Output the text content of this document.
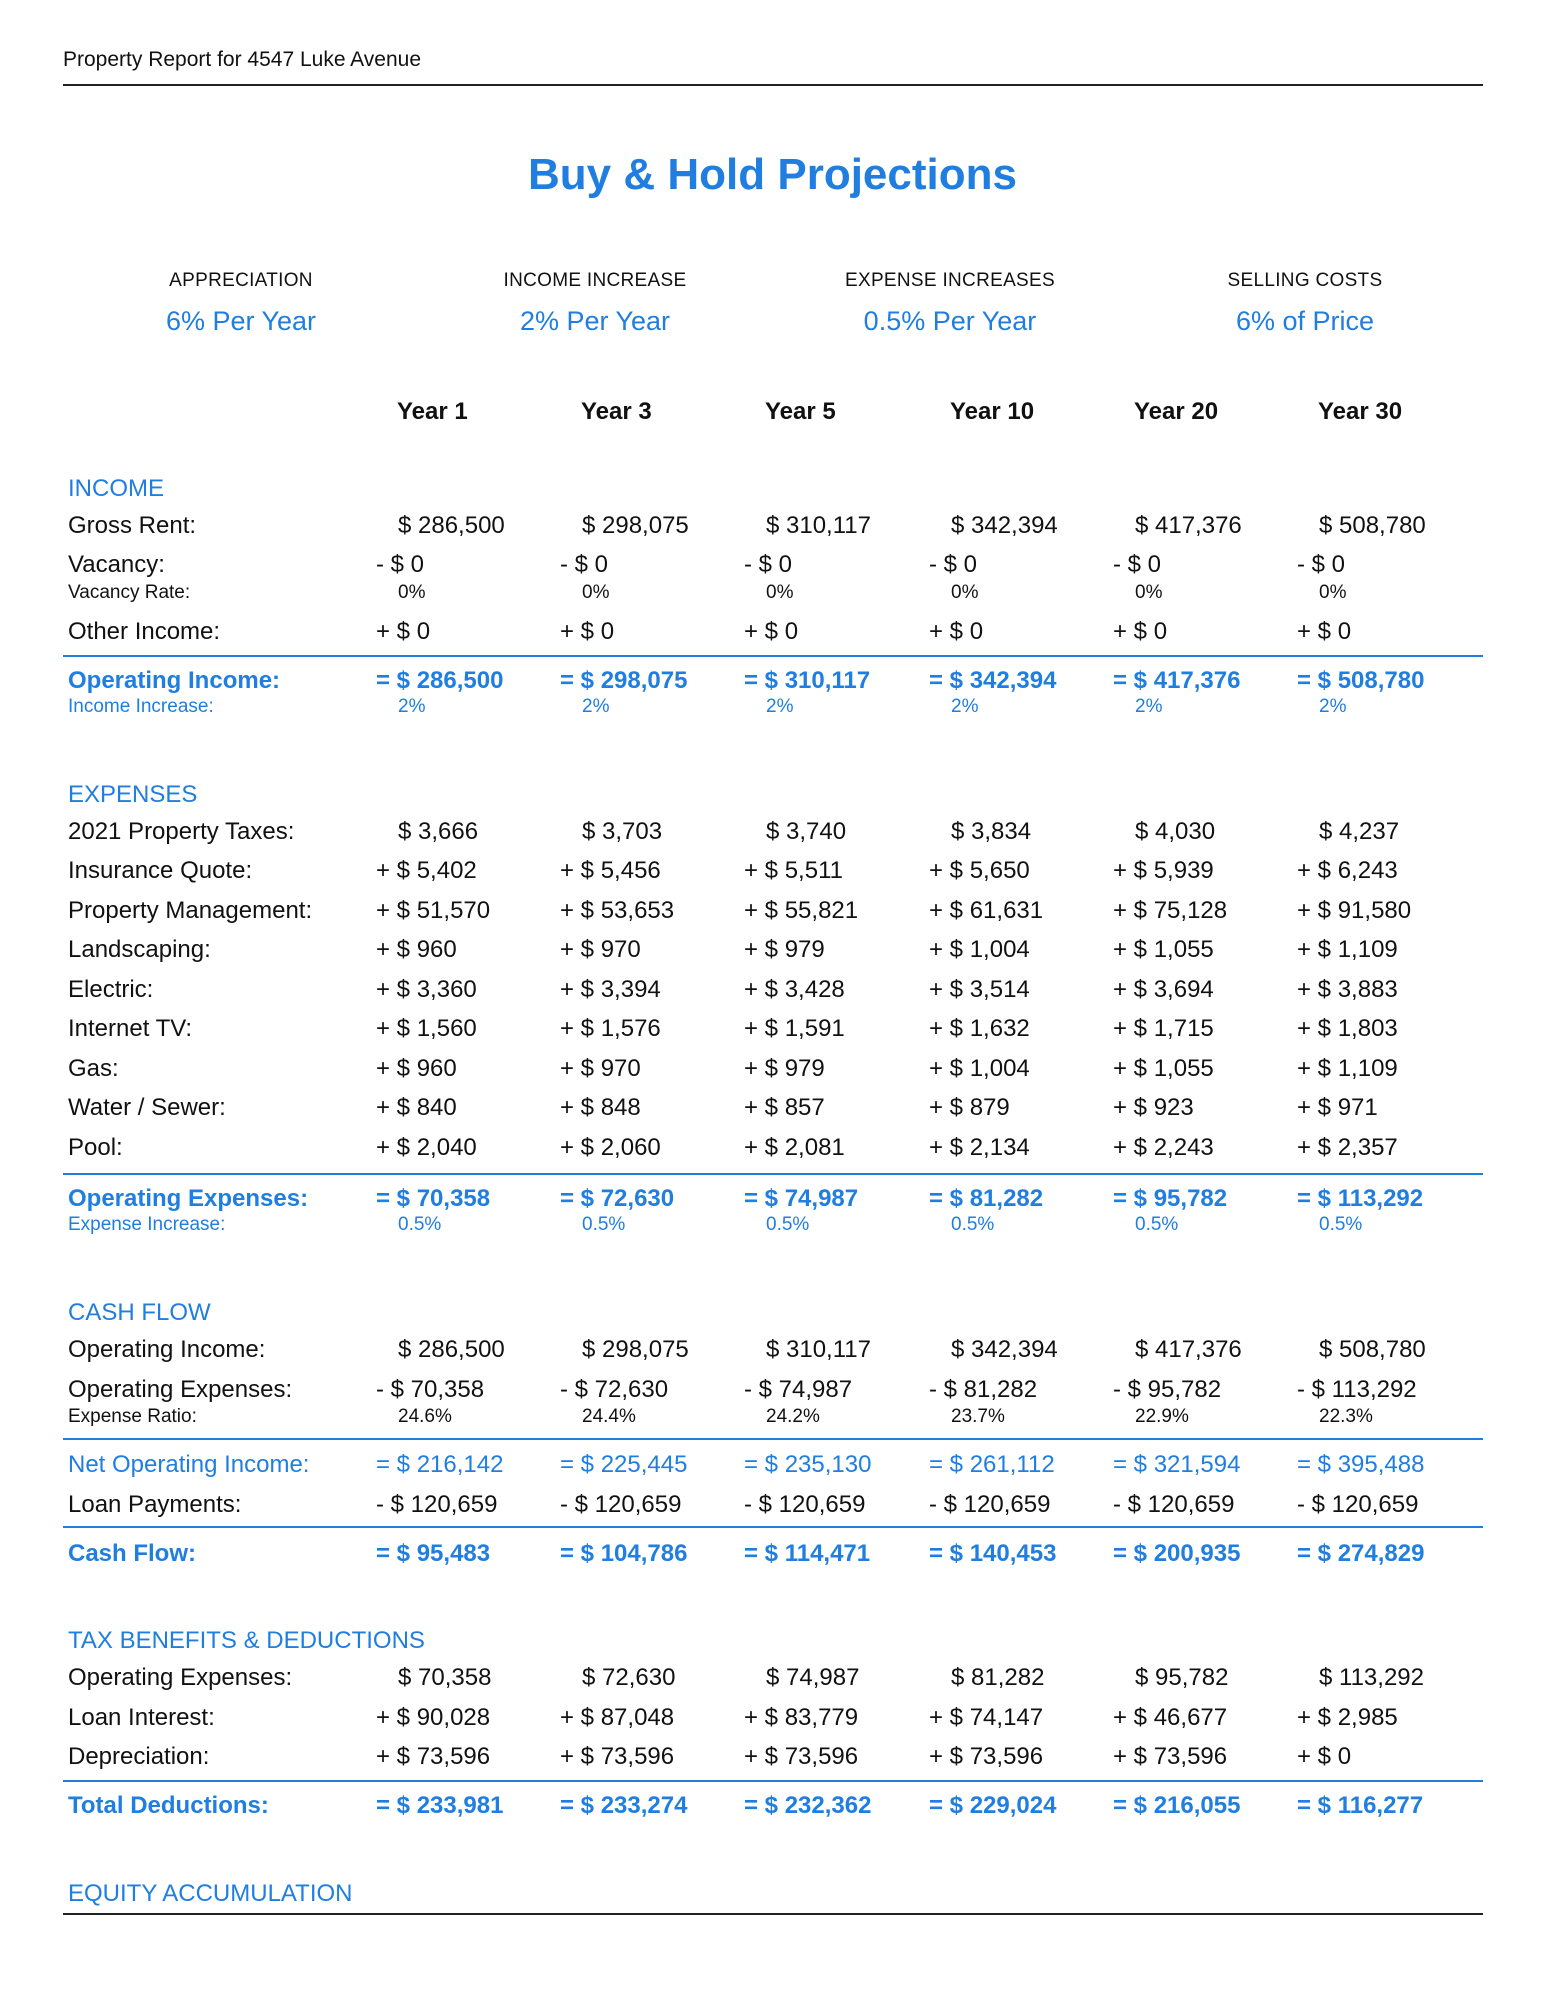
Property Report for 4547 Luke Avenue
Buy & Hold Projections
APPRECIATION
6% Per Year
INCOME INCREASE
2% Per Year
EXPENSE INCREASES
0.5% Per Year
SELLING COSTS
6% of Price
Year 1	Year 3	Year 5	Year 10	Year 20	Year 30
INCOME
EXPENSES
CASH FLOW
TAX BENEFITS & DEDUCTIONS
EQUITY ACCUMULATION
Gross Rent:	$ 286,500	$ 298,075	$ 310,117	$ 342,394	$ 417,376	$ 508,780
Vacancy:	- $ 0	- $ 0	- $ 0	- $ 0	- $ 0	- $ 0
Vacancy Rate:	0%	0%	0%	0%	0%	0%
Other Income:	+ $ 0	+ $ 0	+ $ 0	+ $ 0	+ $ 0	+ $ 0
Operating Income:	= $ 286,500 = $ 298,075 = $ 310,117 = $ 342,394 = $ 417,376 = $ 508,780
Income Increase:	2%	2%	2%	2%	2%	2%
2021 Property Taxes:	$ 3,666	$ 3,703	$ 3,740	$ 3,834	$ 4,030	$ 4,237
Insurance Quote:	+ $ 5,402	+ $ 5,456	+ $ 5,511	+ $ 5,650	+ $ 5,939	+ $ 6,243
Property Management:	+ $ 51,570	+ $ 53,653	+ $ 55,821	+ $ 61,631	+ $ 75,128	+ $ 91,580
Landscaping:	+ $ 960	+ $ 970	+ $ 979	+ $ 1,004	+ $ 1,055	+ $ 1,109
Electric:	+ $ 3,360	+ $ 3,394	+ $ 3,428	+ $ 3,514	+ $ 3,694	+ $ 3,883
Internet TV:	+ $ 1,560	+ $ 1,576	+ $ 1,591	+ $ 1,632	+ $ 1,715	+ $ 1,803
Gas:	+ $ 960	+ $ 970	+ $ 979	+ $ 1,004	+ $ 1,055	+ $ 1,109
Water / Sewer:	+ $ 840	+ $ 848	+ $ 857	+ $ 879	+ $ 923	+ $ 971
Pool:	+ $ 2,040	+ $ 2,060	+ $ 2,081	+ $ 2,134	+ $ 2,243	+ $ 2,357
Operating Expenses:	= $ 70,358	= $ 72,630	= $ 74,987	= $ 81,282	= $ 95,782	= $ 113,292
Expense Increase:	0.5%	0.5%	0.5%	0.5%	0.5%	0.5%
Operating Income:	$ 286,500	$ 298,075	$ 310,117	$ 342,394	$ 417,376	$ 508,780
Operating Expenses:	- $ 70,358	- $ 72,630	- $ 74,987	- $ 81,282	- $ 95,782	- $ 113,292
Expense Ratio:	24.6%	24.4%	24.2%	23.7%	22.9%	22.3%
Net Operating Income:	= $ 216,142 = $ 225,445 = $ 235,130 = $ 261,112 = $ 321,594 = $ 395,488
Loan Payments:	- $ 120,659	- $ 120,659	- $ 120,659	- $ 120,659	- $ 120,659	- $ 120,659
Cash Flow:	= $ 95,483	= $ 104,786 = $ 114,471 = $ 140,453 = $ 200,935 = $ 274,829
Operating Expenses:	$ 70,358	$ 72,630	$ 74,987	$ 81,282	$ 95,782	$ 113,292
Loan Interest:	+ $ 90,028	+ $ 87,048	+ $ 83,779	+ $ 74,147	+ $ 46,677	+ $ 2,985
Depreciation:	+ $ 73,596	+ $ 73,596	+ $ 73,596	+ $ 73,596	+ $ 73,596	+ $ 0
Total Deductions:	= $ 233,981 = $ 233,274 = $ 232,362 = $ 229,024 = $ 216,055 = $ 116,277
